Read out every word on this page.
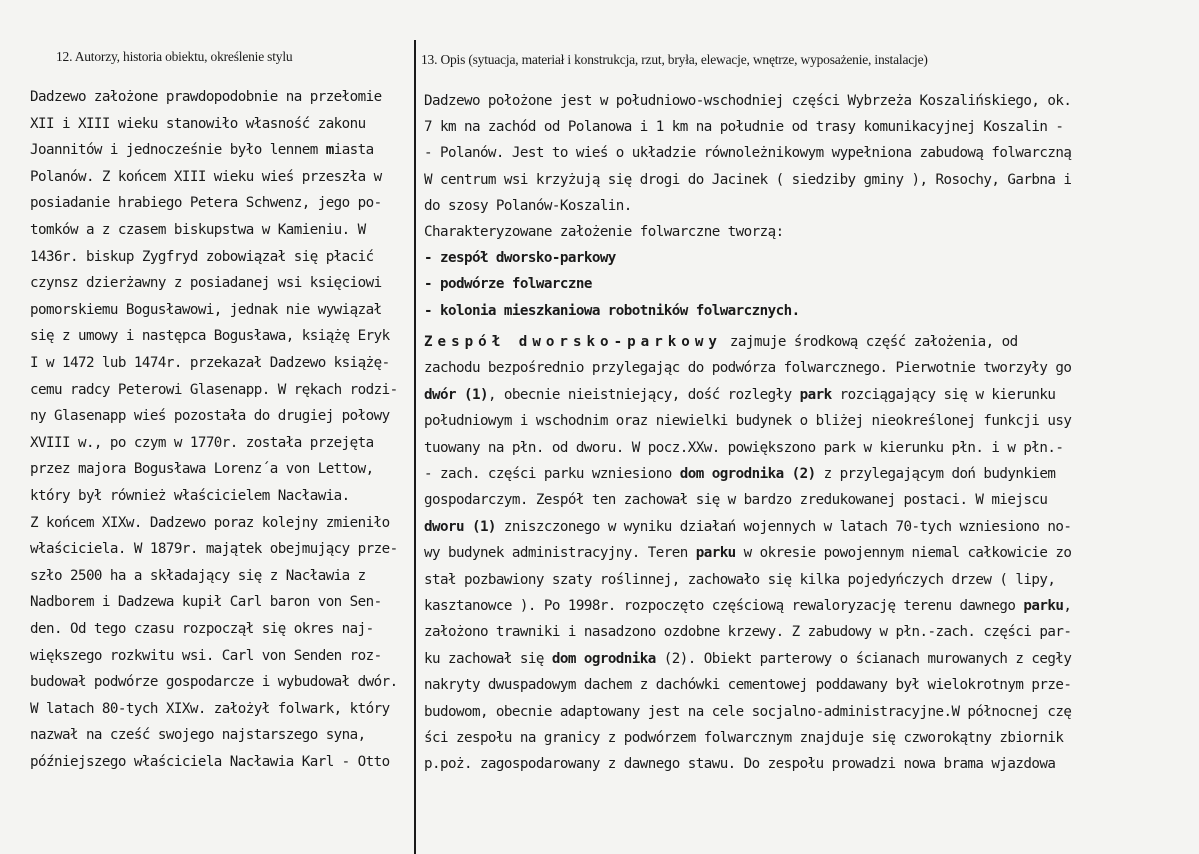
12. Autorzy, historia obiektu, określenie stylu	13. Opis (sytuacja, materiał i konstrukcja, rzut, bryła, elewacje, wnętrze, wyposażenie, instalacje)
Dadzewo założone prawdopodobnie na przełomie
XII i XIII wieku stanowiło własność zakonu
Joannitów i jednocześnie było lennem miasta
Polanów. Z końcem XIII wieku wieś przeszła w
posiadanie hrabiego Petera Schwenz, jego po-
tomków a z czasem biskupstwa w Kamieniu. W
1436r. biskup Zygfryd zobowiązał się płacić
czynsz dzierżawny z posiadanej wsi księciowi
pomorskiemu Bogusławowi, jednak nie wywiązał
się z umowy i następca Bogusława, książę Eryk
I w 1472 lub 1474r. przekazał Dadzewo książę-
cemu radcy Peterowi Glasenapp. W rękach rodzi-
ny Glasenapp wieś pozostała do drugiej połowy
XVIII w., po czym w 1770r. została przejęta
przez majora Bogusława Lorenz´a von Lettow,
który był również właścicielem Nacławia.
Z końcem XIXw. Dadzewo poraz kolejny zmieniło
właściciela. W 1879r. majątek obejmujący prze-
szło 2500 ha a składający się z Nacławia z
Nadborem i Dadzewa kupił Carl baron von Sen-
den. Od tego czasu rozpoczął się okres naj-
większego rozkwitu wsi. Carl von Senden roz-
budował podwórze gospodarcze i wybudował dwór.
W latach 80-tych XIXw. założył folwark, który
nazwał na cześć swojego najstarszego syna,
późniejszego właściciela Nacławia Karl - Otto
Dadzewo położone jest w południowo-wschodniej części Wybrzeża Koszalińskiego, ok.
7 km na zachód od Polanowa i 1 km na południe od trasy komunikacyjnej Koszalin -
- Polanów. Jest to wieś o układzie równoleżnikowym wypełniona zabudową folwarczną
W centrum wsi krzyżują się drogi do Jacinek ( siedziby gminy ), Rosochy, Garbna i
do szosy Polanów-Koszalin.
Charakteryzowane założenie folwarczne tworzą:
- zespół dworsko-parkowy
- podwórze folwarczne
- kolonia mieszkaniowa robotników folwarcznych.
Zespół dworsko-parkowy zajmuje środkową część założenia, od
zachodu bezpośrednio przylegając do podwórza folwarcznego. Pierwotnie tworzyły go
dwór (1), obecnie nieistniejący, dość rozległy park rozciągający się w kierunku
południowym i wschodnim oraz niewielki budynek o bliżej nieokreślonej funkcji usy
tuowany na płn. od dworu. W pocz.XXw. powiększono park w kierunku płn. i w płn.-
- zach. części parku wzniesiono dom ogrodnika (2) z przylegającym doń budynkiem
gospodarczym. Zespół ten zachował się w bardzo zredukowanej postaci. W miejscu
dworu (1) zniszczonego w wyniku działań wojennych w latach 70-tych wzniesiono no-
wy budynek administracyjny. Teren parku w okresie powojennym niemal całkowicie zo
stał pozbawiony szaty roślinnej, zachowało się kilka pojedyńczych drzew ( lipy,
kasztanowce ). Po 1998r. rozpoczęto częściową rewaloryzację terenu dawnego parku,
założono trawniki i nasadzono ozdobne krzewy. Z zabudowy w płn.-zach. części par-
ku zachował się dom ogrodnika (2). Obiekt parterowy o ścianach murowanych z cegły
nakryty dwuspadowym dachem z dachówki cementowej poddawany był wielokrotnym prze-
budowom, obecnie adaptowany jest na cele socjalno-administracyjne.W północnej czę
ści zespołu na granicy z podwórzem folwarcznym znajduje się czworokątny zbiornik
p.poż. zagospodarowany z dawnego stawu. Do zespołu prowadzi nowa brama wjazdowa
